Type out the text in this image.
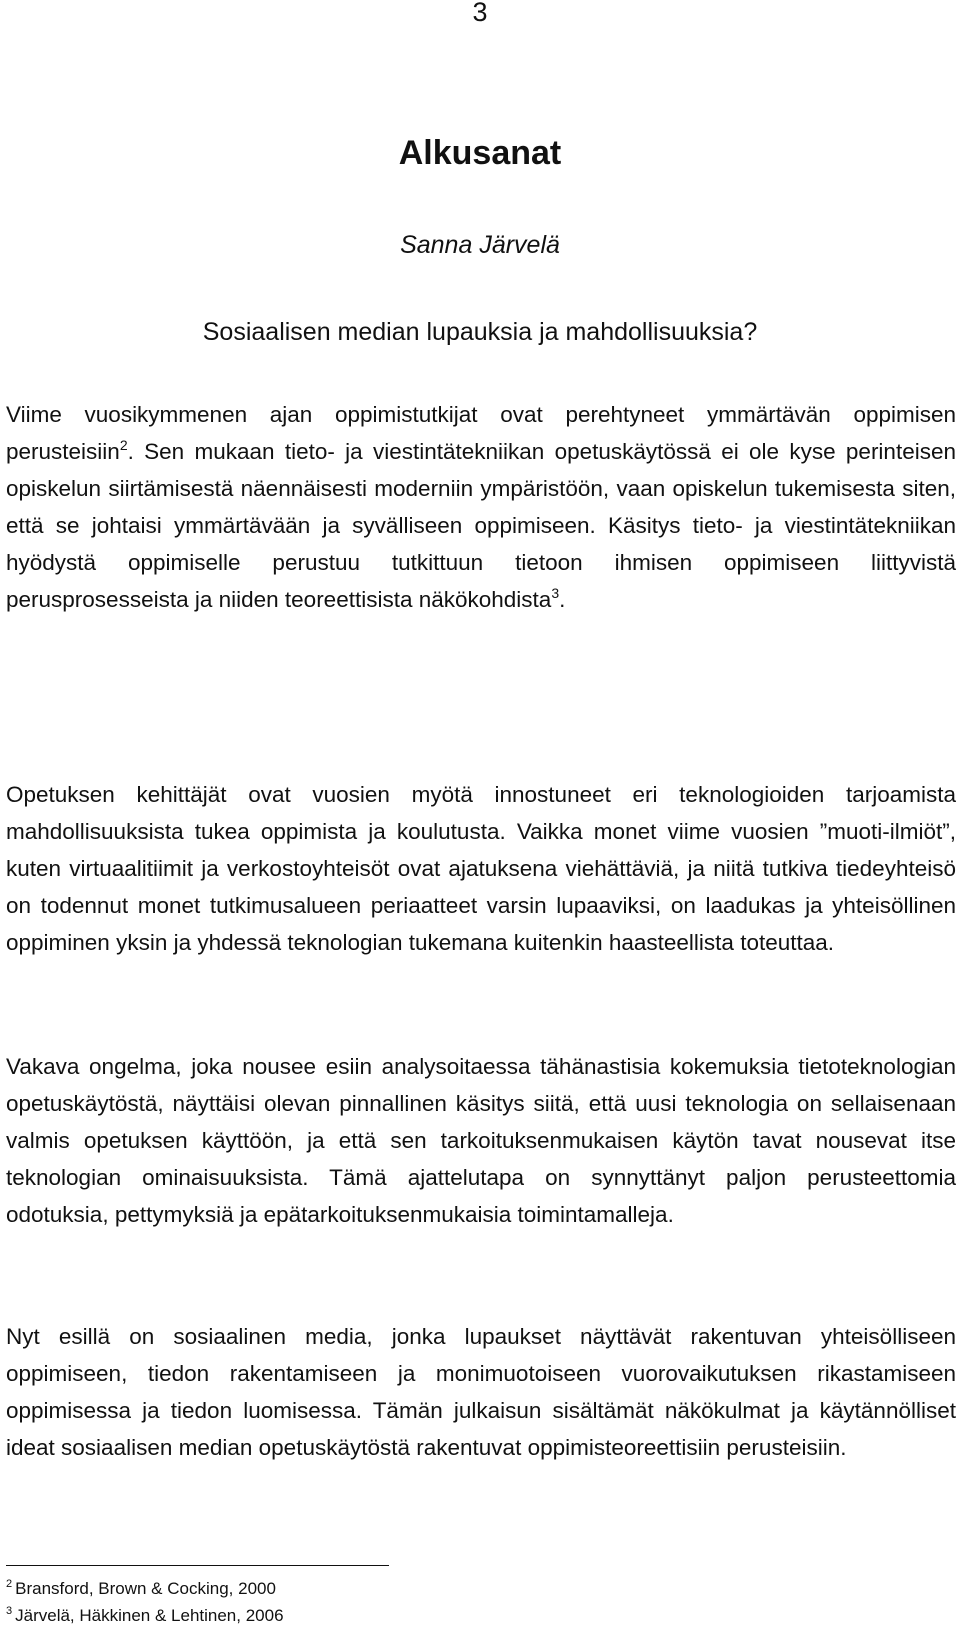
3
Alkusanat
Sanna Järvelä
Sosiaalisen median lupauksia ja mahdollisuuksia?

Viime vuosikymmenen ajan oppimistutkijat ovat perehtyneet ymmärtävän oppimisen perusteisiin$^2$. Sen mukaan tieto- ja viestintätekniikan opetuskäytössä ei ole kyse perinteisen opiskelun siirtämisestä näennäisesti moderniin ympäristöön, vaan opiskelun tukemisesta siten, että se johtaisi ymmärtävään ja syvälliseen oppimiseen. Käsitys tieto- ja viestintätekniikan hyödystä oppimiselle perustuu tutkittuun tietoon ihmisen oppimiseen liittyvistä perusprosesseista ja niiden teoreettisista näkökohdista$^3$.

Opetuksen kehittäjät ovat vuosien myötä innostuneet eri teknologioiden tarjoamista mahdollisuuksista tukea oppimista ja koulutusta. Vaikka monet viime vuosien ”muoti-ilmiöt”, kuten virtuaalitiimit ja verkostoyhteisöt ovat ajatuksena viehättäviä, ja niitä tutkiva tiedeyhteisö on todennut monet tutkimusalueen periaatteet varsin lupaaviksi, on laadukas ja yhteisöllinen oppiminen yksin ja yhdessä teknologian tukemana kuitenkin haasteellista toteuttaa.

Vakava ongelma, joka nousee esiin analysoitaessa tähänastisia kokemuksia tietoteknologian opetuskäytöstä, näyttäisi olevan pinnallinen käsitys siitä, että uusi teknologia on sellaisenaan valmis opetuksen käyttöön, ja että sen tarkoituksenmukaisen käytön tavat nousevat itse teknologian ominaisuuksista. Tämä ajattelutapa on synnyttänyt paljon perusteettomia odotuksia, pettymyksiä ja epätarkoituksenmukaisia toimintamalleja.

Nyt esillä on sosiaalinen media, jonka lupaukset näyttävät rakentuvan yhteisölliseen oppimiseen, tiedon rakentamiseen ja monimuotoiseen vuorovaikutuksen rikastamiseen oppimisessa ja tiedon luomisessa. Tämän julkaisun sisältämät näkökulmat ja käytännölliset ideat sosiaalisen median opetuskäytöstä rakentuvat oppimisteoreettisiin perusteisiin.

$^2$ Bransford, Brown & Cocking, 2000
$^3$ Järvelä, Häkkinen & Lehtinen, 2006
